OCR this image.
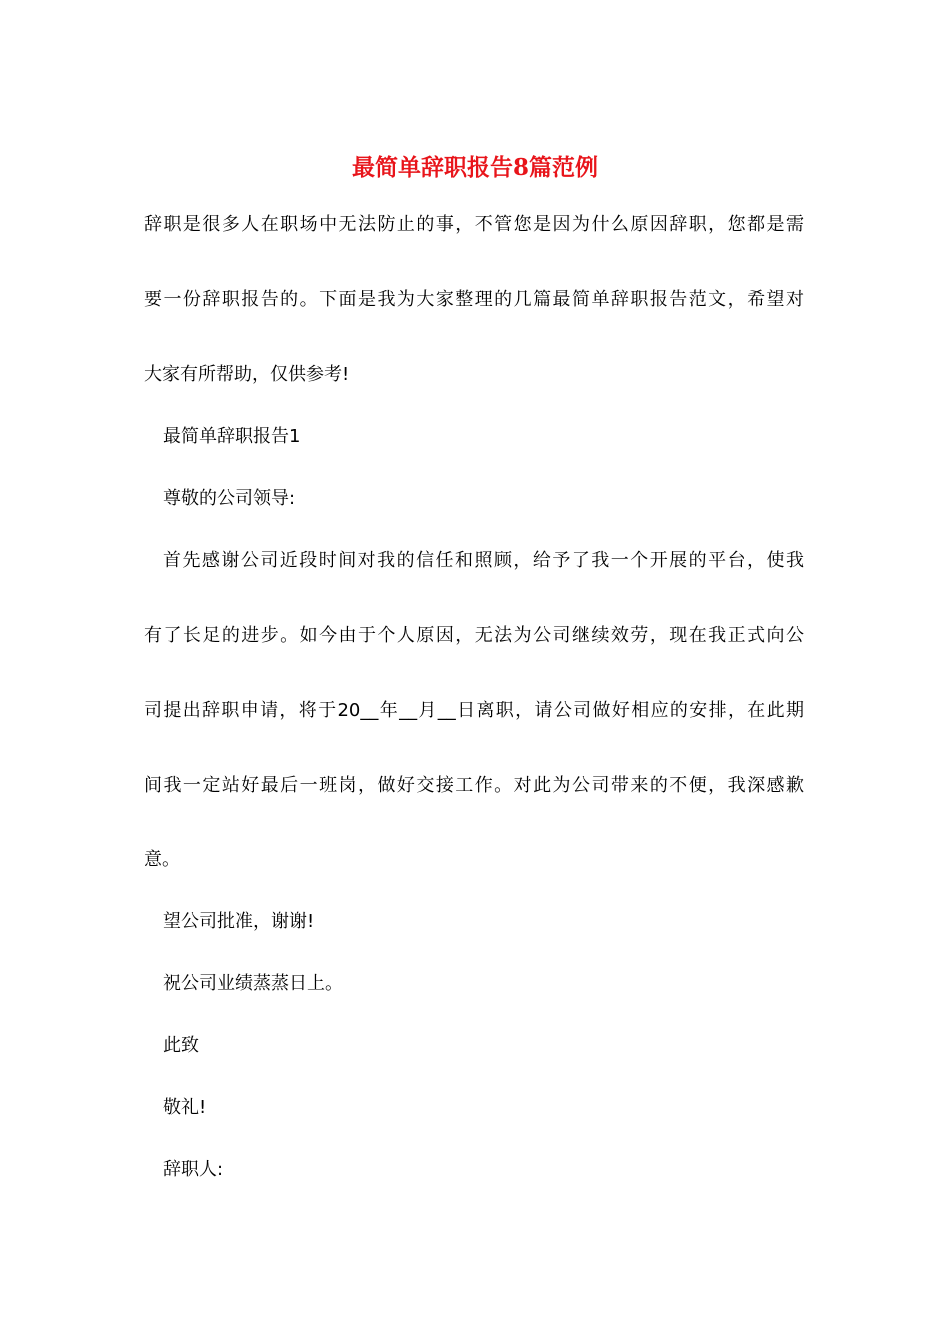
最简单辞职报告8篇范例

辞职是很多人在职场中无法防止的事，不管您是因为什么原因辞职，您都是需

要一份辞职报告的。下面是我为大家整理的几篇最简单辞职报告范文，希望对

大家有所帮助，仅供参考!

最简单辞职报告1

尊敬的公司领导:

首先感谢公司近段时间对我的信任和照顾，给予了我一个开展的平台，使我

有了长足的进步。如今由于个人原因，无法为公司继续效劳，现在我正式向公

司提出辞职申请，将于20__年__月__日离职，请公司做好相应的安排，在此期

间我一定站好最后一班岗，做好交接工作。对此为公司带来的不便，我深感歉

意。

望公司批准，谢谢!

祝公司业绩蒸蒸日上。

此致

敬礼!

辞职人:
